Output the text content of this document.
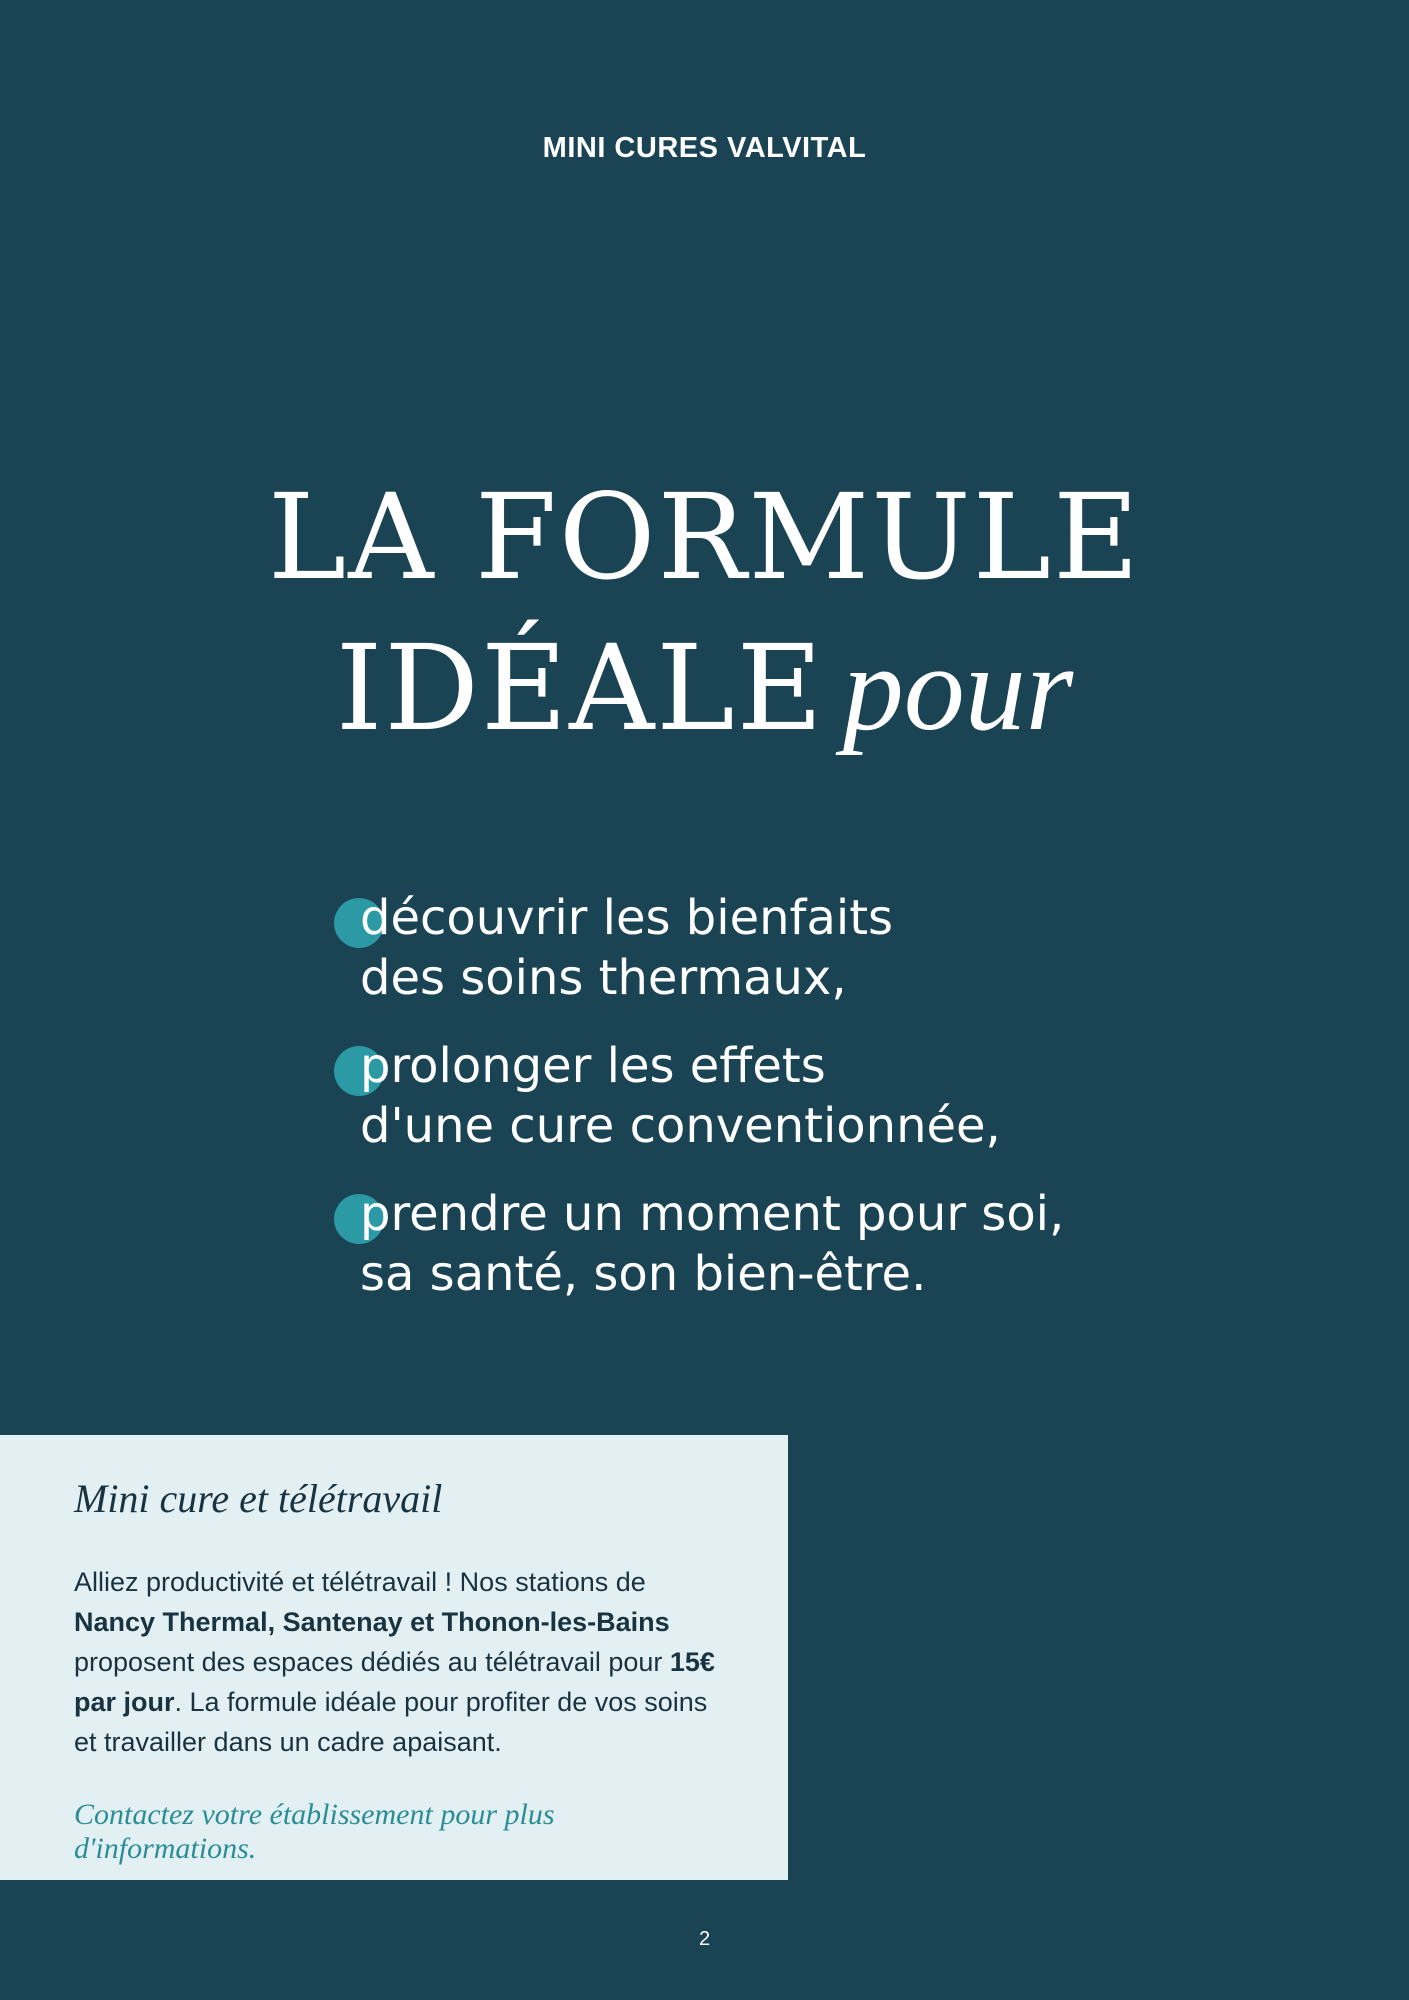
MINI CURES VALVITAL
LA FORMULE
IDÉALE pour
découvrir les bienfaits
des soins thermaux,
prolonger les effets
d'une cure conventionnée,
prendre un moment pour soi,
sa santé, son bien-être.

Mini cure et télétravail

Alliez productivité et télétravail ! Nos stations de Nancy Thermal, Santenay et Thonon-les-Bains proposent des espaces dédiés au télétravail pour 15€ par jour. La formule idéale pour profiter de vos soins et travailler dans un cadre apaisant.

Contactez votre établissement pour plus d'informations.

2
